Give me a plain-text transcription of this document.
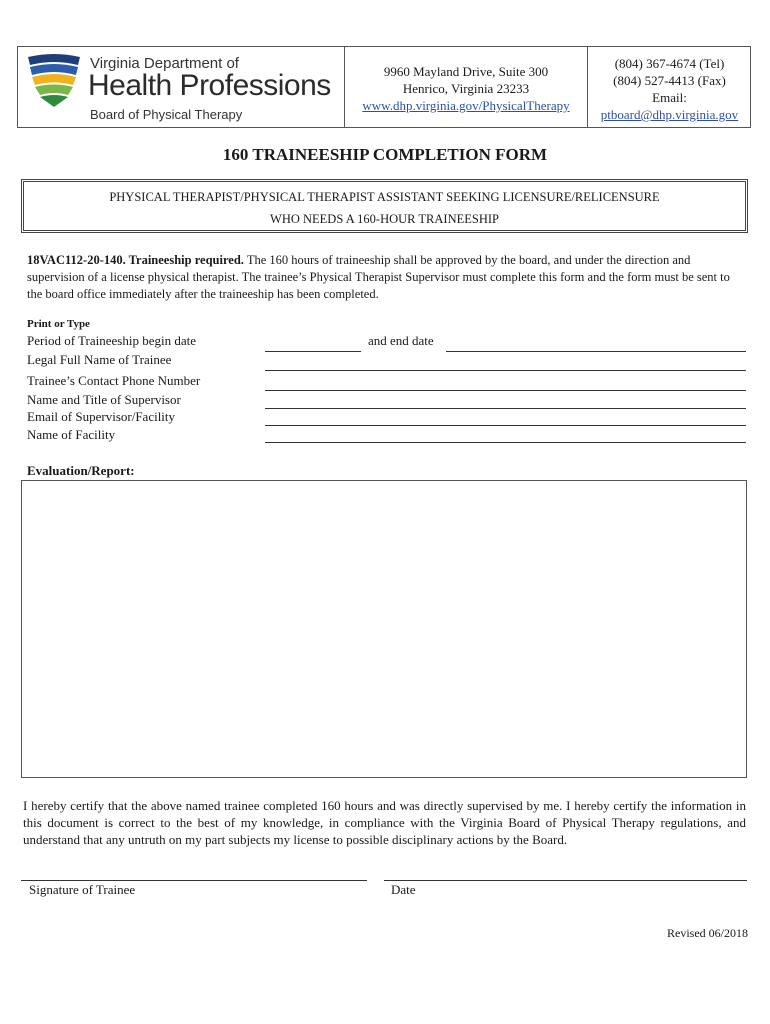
Virginia Department of
Health Professions
Board of Physical Therapy
9960 Mayland Drive, Suite 300
Henrico, Virginia 23233
www.dhp.virginia.gov/PhysicalTherapy
(804) 367-4674 (Tel)
(804) 527-4413 (Fax)
Email:
ptboard@dhp.virginia.gov
160 TRAINEESHIP COMPLETION FORM
PHYSICAL THERAPIST/PHYSICAL THERAPIST ASSISTANT SEEKING LICENSURE/RELICENSURE
WHO NEEDS A 160-HOUR TRAINEESHIP
18VAC112-20-140. Traineeship required. The 160 hours of traineeship shall be approved by the board, and under the direction and supervision of a license physical therapist. The trainee’s Physical Therapist Supervisor must complete this form and the form must be sent to the board office immediately after the traineeship has been completed.
Print or Type
Period of Traineeship begin date	and end date
Legal Full Name of Trainee
Trainee’s Contact Phone Number
Name and Title of Supervisor
Email of Supervisor/Facility
Name of Facility
Evaluation/Report:
I hereby certify that the above named trainee completed 160 hours and was directly supervised by me. I hereby certify the information in this document is correct to the best of my knowledge, in compliance with the Virginia Board of Physical Therapy regulations, and understand that any untruth on my part subjects my license to possible disciplinary actions by the Board.
Signature of Trainee	Date
Revised 06/2018
